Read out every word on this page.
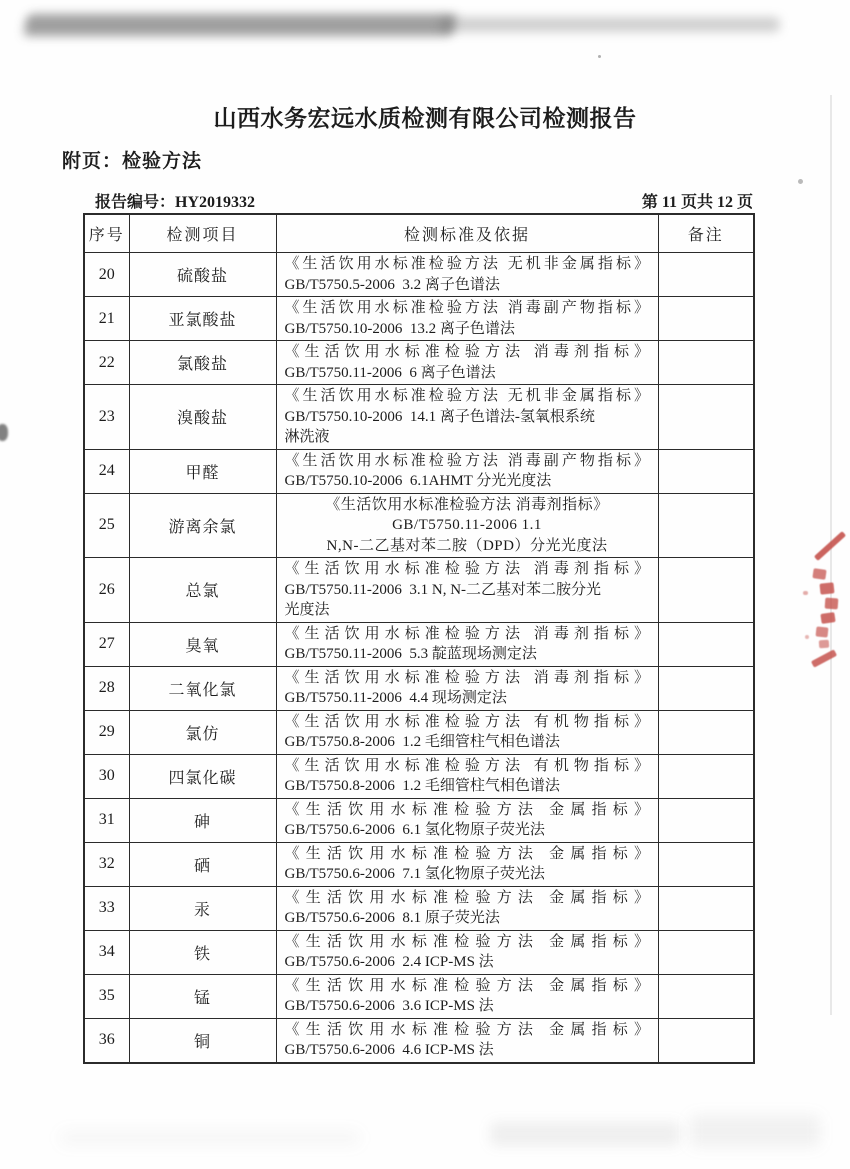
山西水务宏远水质检测有限公司检测报告
附页：检验方法
报告编号：HY2019332	第 11 页共 12 页
序号	检测项目	检测标准及依据	备注
20	硫酸盐	《生活饮用水标准检验方法 无机非金属指标》
GB/T5750.5-2006  3.2 离子色谱法	

21	亚氯酸盐	《生活饮用水标准检验方法 消毒副产物指标》
GB/T5750.10-2006  13.2 离子色谱法	

22	氯酸盐	《生活饮用水标准检验方法 消毒剂指标》
GB/T5750.11-2006  6 离子色谱法	

23	溴酸盐	《生活饮用水标准检验方法 无机非金属指标》
GB/T5750.10-2006  14.1 离子色谱法-氢氧根系统
淋洗液	

24	甲醛	《生活饮用水标准检验方法 消毒副产物指标》
GB/T5750.10-2006  6.1AHMT 分光光度法	

25	游离余氯	《生活饮用水标准检验方法 消毒剂指标》
GB/T5750.11-2006 1.1
N,N-二乙基对苯二胺（DPD）分光光度法	

26	总氯	《生活饮用水标准检验方法 消毒剂指标》
GB/T5750.11-2006  3.1 N, N-二乙基对苯二胺分光
光度法	

27	臭氧	《生活饮用水标准检验方法 消毒剂指标》
GB/T5750.11-2006  5.3 靛蓝现场测定法	

28	二氧化氯	《生活饮用水标准检验方法 消毒剂指标》
GB/T5750.11-2006  4.4 现场测定法	

29	氯仿	《生活饮用水标准检验方法 有机物指标》
GB/T5750.8-2006  1.2 毛细管柱气相色谱法	

30	四氯化碳	《生活饮用水标准检验方法 有机物指标》
GB/T5750.8-2006  1.2 毛细管柱气相色谱法	

31	砷	《生活饮用水标准检验方法 金属指标》
GB/T5750.6-2006  6.1 氢化物原子荧光法	

32	硒	《生活饮用水标准检验方法 金属指标》
GB/T5750.6-2006  7.1 氢化物原子荧光法	

33	汞	《生活饮用水标准检验方法 金属指标》
GB/T5750.6-2006  8.1 原子荧光法	

34	铁	《生活饮用水标准检验方法 金属指标》
GB/T5750.6-2006  2.4 ICP-MS 法	

35	锰	《生活饮用水标准检验方法 金属指标》
GB/T5750.6-2006  3.6 ICP-MS 法	

36	铜	《生活饮用水标准检验方法 金属指标》
GB/T5750.6-2006  4.6 ICP-MS 法	
